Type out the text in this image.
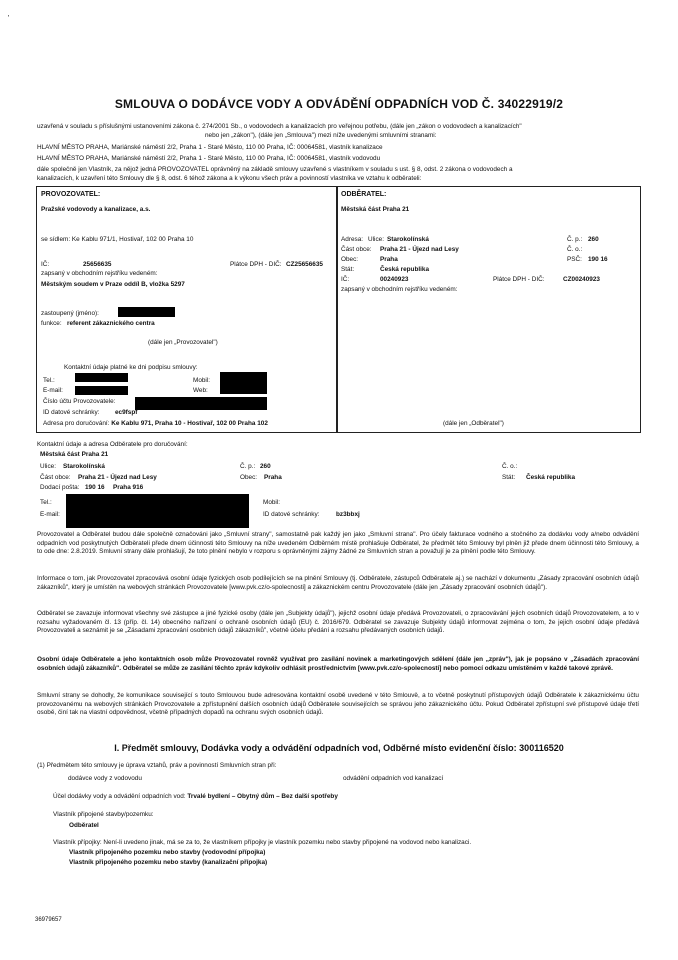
'
SMLOUVA O DODÁVCE VODY A ODVÁDĚNÍ ODPADNÍCH VOD Č. 34022919/2
uzavřená v souladu s příslušnými ustanoveními zákona č. 274/2001 Sb., o vodovodech a kanalizacích pro veřejnou potřebu, (dále jen „zákon o vodovodech a kanalizacích"
nebo jen „zákon"), (dále jen „Smlouva") mezi níže uvedenými smluvními stranami:
HLAVNÍ MĚSTO PRAHA, Mariánské náměstí 2/2, Praha 1 - Staré Město, 110 00 Praha, IČ: 00064581, vlastník kanalizace
HLAVNÍ MĚSTO PRAHA, Mariánské náměstí 2/2, Praha 1 - Staré Město, 110 00 Praha, IČ: 00064581, vlastník vodovodu
dále společně jen Vlastník, za nějož jedná PROVOZOVATEL oprávněný na základě smlouvy uzavřené s vlastníkem v souladu s ust. § 8, odst. 2 zákona o vodovodech a
kanalizacích, k uzavření této Smlouvy dle § 8, odst. 6 téhož zákona a k výkonu všech práv a povinností vlastníka ve vztahu k odběrateli:
PROVOZOVATEL:
Pražské vodovody a kanalizace, a.s.
se sídlem: Ke Kablu 971/1, Hostivař, 102 00 Praha 10
IČ:	25656635	Plátce DPH - DIČ: CZ25656635
zapsaný v obchodním rejstříku vedeném:
Městským soudem v Praze oddíl B, vložka 5297
zastoupený (jméno):
funkce: referent zákaznického centra
(dále jen „Provozovatel")
Kontaktní údaje platné ke dni podpisu smlouvy:
Tel.:	Mobil:
E-mail:	Web:
Číslo účtu Provozovatele:
ID datové schránky: ec9fspf
Adresa pro doručování: Ke Kablu 971, Praha 10 - Hostivař, 102 00 Praha 102
ODBĚRATEL:
Městská část Praha 21
Adresa: Ulice: Starokolínská	Č. p.: 260
Část obce: Praha 21 - Újezd nad Lesy	Č. o.:
Obec:	Praha	PSČ: 190 16
Stát:	Česká republika
IČ:	00240923	Plátce DPH - DIČ:	CZ00240923
zapsaný v obchodním rejstříku vedeném:
(dále jen „Odběratel")
Kontaktní údaje a adresa Odběratele pro doručování:
Městská část Praha 21
Ulice: Starokolínská	Č. p.: 260	Č. o.:
Část obce: Praha 21 - Újezd nad Lesy	Obec: Praha	Stát: Česká republika
Dodací pošta: 190 16 Praha 916
Tel.:	Mobil:
E-mail:	ID datové schránky:	bz3bbxj
Provozovatel a Odběratel budou dále společně označováni jako „Smluvní strany", samostatně pak každý jen jako „Smluvní strana". Pro účely fakturace vodného a stočného za dodávku vody a/nebo odvádění odpadních vod poskytnutých Odběrateli přede dnem účinnosti této Smlouvy na níže uvedeném Odběrném místě prohlašuje Odběratel, že předmět této Smlouvy byl plněn již přede dnem účinnosti této Smlouvy, a to ode dne: 2.8.2019. Smluvní strany dále prohlašují, že toto plnění nebylo v rozporu s oprávněnými zájmy žádné ze Smluvních stran a považují je za plnění podle této Smlouvy.
Informace o tom, jak Provozovatel zpracovává osobní údaje fyzických osob podílejících se na plnění Smlouvy (tj. Odběratele, zástupců Odběratele aj.) se nachází v dokumentu „Zásady zpracování osobních údajů zákazníků", který je umístěn na webových stránkách Provozovatele [www.pvk.cz/o-spolecnosti] a zákaznickém centru Provozovatele (dále jen „Zásady zpracování osobních údajů").
Odběratel se zavazuje informovat všechny své zástupce a jiné fyzické osoby (dále jen „Subjekty údajů"), jejichž osobní údaje předává Provozovateli, o zpracovávání jejich osobních údajů Provozovatelem, a to v rozsahu vyžadovaném čl. 13 (příp. čl. 14) obecného nařízení o ochraně osobních údajů (EU) č. 2016/679. Odběratel se zavazuje Subjekty údajů informovat zejména o tom, že jejich osobní údaje předává Provozovateli a seznámit je se „Zásadami zpracování osobních údajů zákazníků", včetně účelu předání a rozsahu předávaných osobních údajů.
Osobní údaje Odběratele a jeho kontaktních osob může Provozovatel rovněž využívat pro zasílání novinek a marketingových sdělení (dále jen „zpráv"), jak je popsáno v „Zásadách zpracování osobních údajů zákazníků". Odběratel se může ze zasílání těchto zpráv kdykoliv odhlásit prostřednictvím [www.pvk.cz/o-spolecnosti] nebo pomocí odkazu umístěném v každé takové zprávě.
Smluvní strany se dohodly, že komunikace související s touto Smlouvou bude adresována kontaktní osobě uvedené v této Smlouvě, a to včetně poskytnutí přístupových údajů Odběratele k zákaznickému účtu provozovanému na webových stránkách Provozovatele a zpřístupnění dalších osobních údajů Odběratele souvisejících se správou jeho zákaznického účtu. Pokud Odběratel zpřístupní své přístupové údaje třetí osobě, činí tak na vlastní odpovědnost, včetně případných dopadů na ochranu svých osobních údajů.
I. Předmět smlouvy, Dodávka vody a odvádění odpadních vod, Odběrné místo evidenční číslo: 300116520
(1) Předmětem této smlouvy je úprava vztahů, práv a povinností Smluvních stran při:
dodávce vody z vodovodu	odvádění odpadních vod kanalizací
Účel dodávky vody a odvádění odpadních vod: Trvalé bydlení – Obytný dům – Bez další spotřeby
Vlastník připojené stavby/pozemku:
Odběratel
Vlastník přípojky: Není-li uvedeno jinak, má se za to, že vlastníkem přípojky je vlastník pozemku nebo stavby připojené na vodovod nebo kanalizaci.
Vlastník připojeného pozemku nebo stavby (vodovodní přípojka)
Vlastník připojeného pozemku nebo stavby (kanalizační přípojka)
36979657
